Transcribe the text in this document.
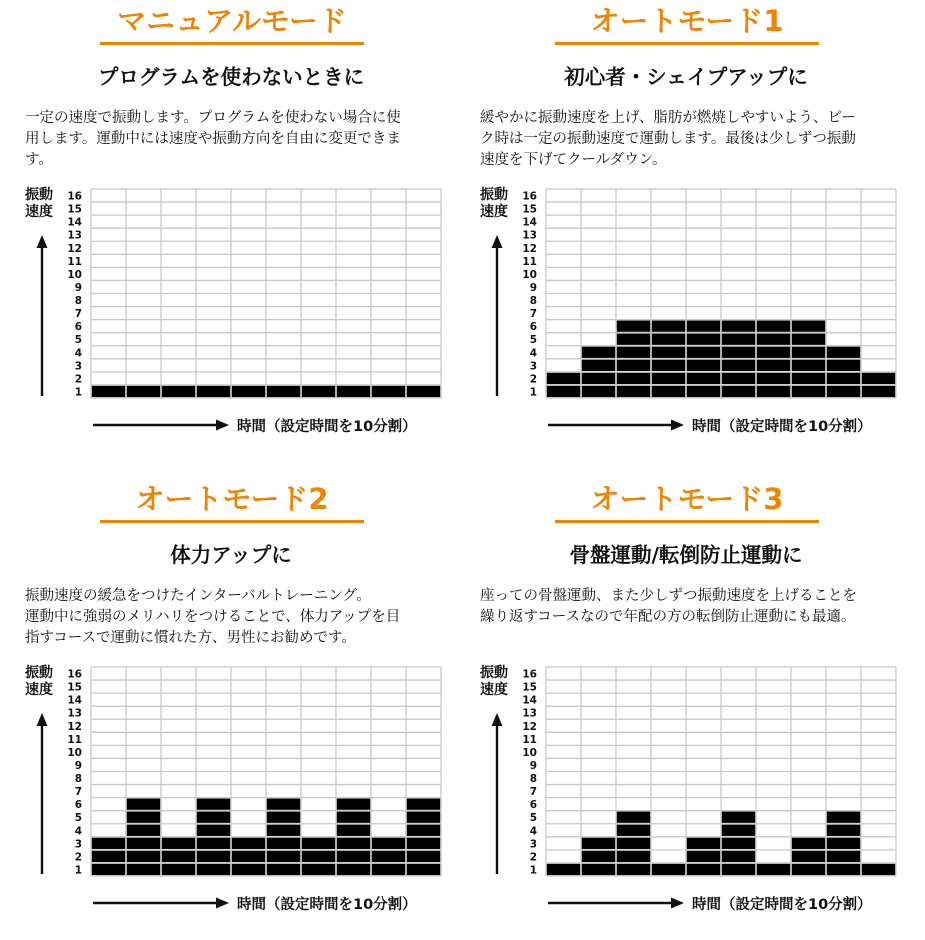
マニュアルモード
プログラムを使わないときに
一定の速度で振動します。プログラムを使わない場合に使
用します。運動中には速度や振動方向を自由に変更できま
す。
振動
速度
1
2
3
4
5
6
7
8
9
10
11
12
13
14
15
16
時間（設定時間を10分割）
オートモード1
初心者・シェイプアップに
緩やかに振動速度を上げ、脂肪が燃焼しやすいよう、ピー
ク時は一定の振動速度で運動します。最後は少しずつ振動
速度を下げてクールダウン。
振動
速度
1
2
3
4
5
6
7
8
9
10
11
12
13
14
15
16
時間（設定時間を10分割）
オートモード2
体力アップに
振動速度の緩急をつけたインターバルトレーニング。
運動中に強弱のメリハリをつけることで、体力アップを目
指すコースで運動に慣れた方、男性にお勧めです。
振動
速度
1
2
3
4
5
6
7
8
9
10
11
12
13
14
15
16
時間（設定時間を10分割）
オートモード3
骨盤運動/転倒防止運動に
座っての骨盤運動、また少しずつ振動速度を上げることを
繰り返すコースなので年配の方の転倒防止運動にも最適。
振動
速度
1
2
3
4
5
6
7
8
9
10
11
12
13
14
15
16
時間（設定時間を10分割）
